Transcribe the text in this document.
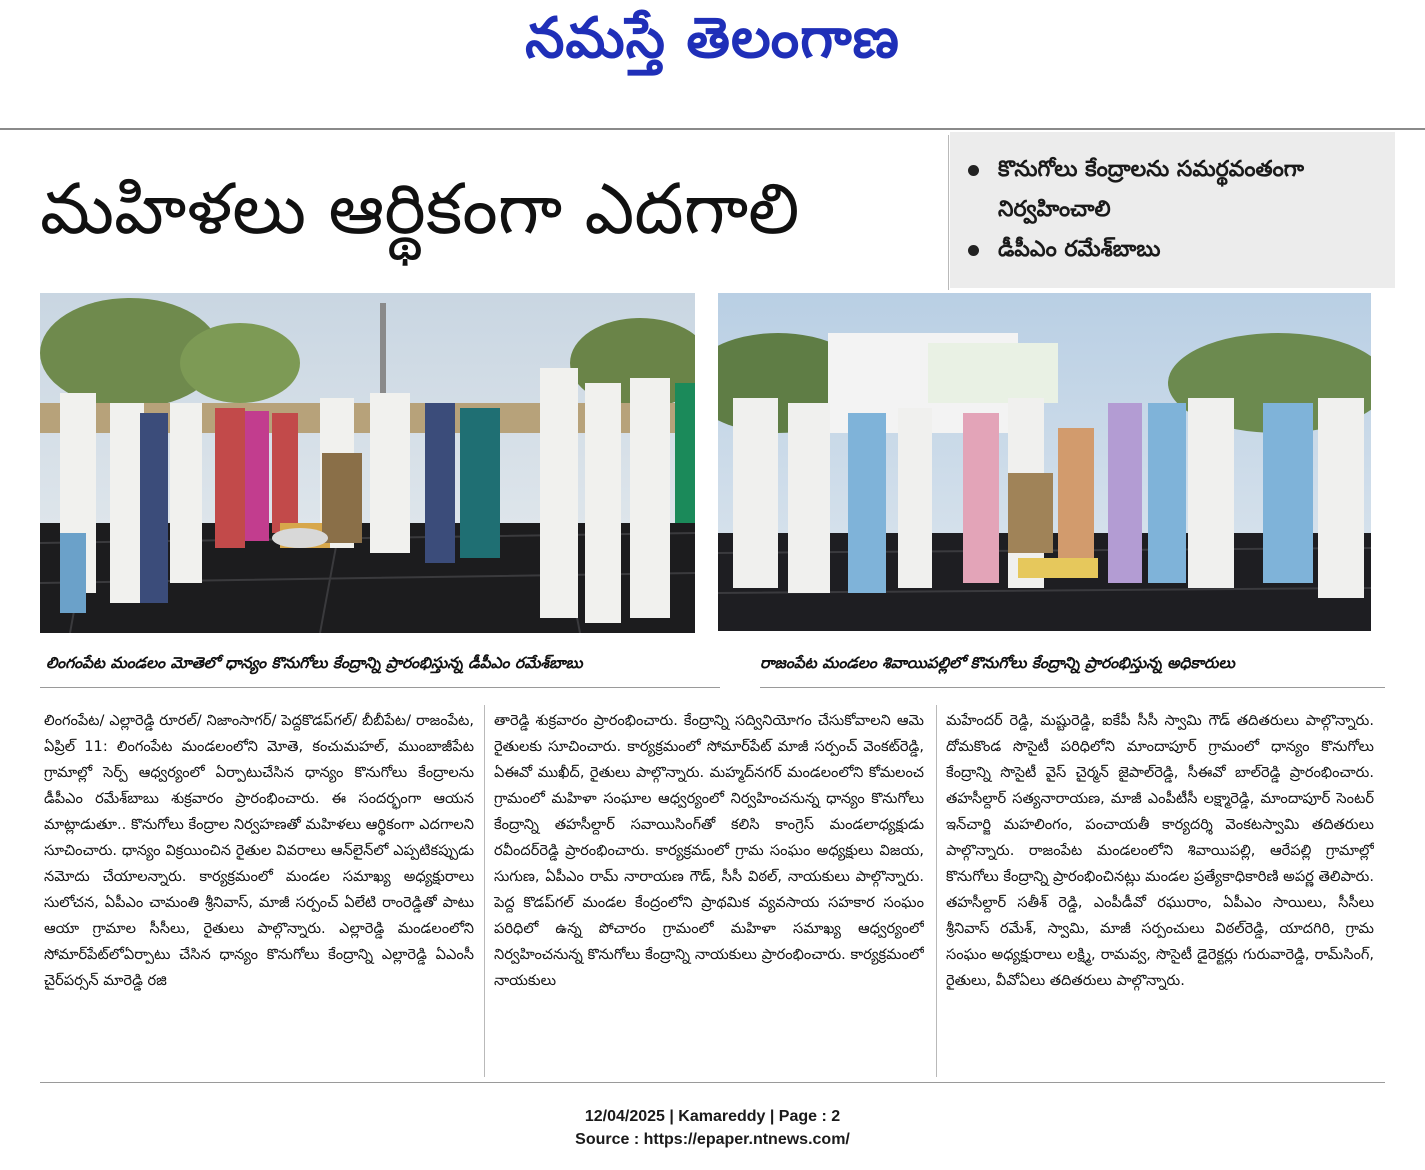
నమస్తే తెలంగాణ
మహిళలు ఆర్థికంగా ఎదగాలి	కొనుగోలు కేంద్రాలను సమర్థవంతంగా నిర్వహించాలి
డీపీఎం రమేశ్‌బాబు
లింగంపేట మండలం మోతెలో ధాన్యం కొనుగోలు కేంద్రాన్ని ప్రారంభిస్తున్న డీపీఎం రమేశ్‌బాబు	రాజంపేట మండలం శివాయిపల్లిలో కొనుగోలు కేంద్రాన్ని ప్రారంభిస్తున్న అధికారులు

లింగంపేట/ ఎల్లారెడ్డి రూరల్‌/ నిజాంసాగర్‌/ పెద్దకొడప్‌గల్‌/ బీబీపేట/ రాజంపేట, ఏప్రిల్‌ 11: లింగంపేట మండలంలోని మోతె, కంచుమహల్‌, ముంబాజీపేట గ్రామాల్లో సెర్ప్‌ ఆధ్వర్యంలో ఏర్పాటుచేసిన ధాన్యం కొనుగోలు కేంద్రాలను డీపీఎం రమేశ్‌బాబు శుక్రవారం ప్రారంభించారు. ఈ సందర్భంగా ఆయన మాట్లాడుతూ.. కొనుగోలు కేంద్రాల నిర్వహణతో మహిళలు ఆర్థికంగా ఎదగాలని సూచించారు. ధాన్యం విక్రయించిన రైతుల వివరాలు ఆన్‌లైన్‌లో ఎప్పటికప్పుడు నమోదు చేయాలన్నారు. కార్యక్రమంలో మండల సమాఖ్య అధ్యక్షురాలు సులోచన, ఏపీఎం చామంతి శ్రీనివాస్‌, మాజీ సర్పంచ్‌ ఏలేటి రాంరెడ్డితో పాటు ఆయా గ్రామాల సీసీలు, రైతులు పాల్గొన్నారు. ఎల్లారెడ్డి మండలంలోని సోమార్‌పేట్‌లోఏర్పాటు చేసిన ధాన్యం కొనుగోలు కేంద్రాన్ని ఎల్లారెడ్డి ఏఎంసీ చైర్‌పర్సన్‌ మారెడ్డి రజి

తారెడ్డి శుక్రవారం ప్రారంభించారు. కేంద్రాన్ని సద్వినియోగం చేసుకోవాలని ఆమె రైతులకు సూచించారు. కార్యక్రమంలో సోమార్‌పేట్‌ మాజీ సర్పంచ్‌ వెంకట్‌రెడ్డి, ఏఈవో ముఖీద్‌, రైతులు పాల్గొన్నారు. మహ్మద్‌నగర్‌ మండలంలోని కోమలంచ గ్రామంలో మహిళా సంఘాల ఆధ్వర్యంలో నిర్వహించనున్న ధాన్యం కొనుగోలు కేంద్రాన్ని తహసీల్దార్‌ సవాయిసింగ్‌తో కలిసి కాంగ్రెస్‌ మండలాధ్యక్షుడు రవీందర్‌రెడ్డి ప్రారంభించారు. కార్యక్రమంలో గ్రామ సంఘం అధ్యక్షులు విజయ, సుగుణ, ఏపీఎం రామ్‌ నారాయణ గౌడ్‌, సీసీ విఠల్‌, నాయకులు పాల్గొన్నారు. పెద్ద కొడప్‌గల్‌ మండల కేంద్రంలోని ప్రాథమిక వ్యవసాయ సహకార సంఘం పరిధిలో ఉన్న పోచారం గ్రామంలో మహిళా సమాఖ్య ఆధ్వర్యంలో నిర్వహించనున్న కొనుగోలు కేంద్రాన్ని నాయకులు ప్రారంభించారు. కార్యక్రమంలో నాయకులు

మహేందర్‌ రెడ్డి, మష్టురెడ్డి, ఐకేపీ సీసీ స్వామి గౌడ్‌ తదితరులు పాల్గొన్నారు. దోమకొండ సొసైటీ పరిధిలోని మాందాపూర్‌ గ్రామంలో ధాన్యం కొనుగోలు కేంద్రాన్ని సొసైటీ వైస్‌ చైర్మన్‌ జైపాల్‌రెడ్డి, సీఈవో బాల్‌రెడ్డి ప్రారంభించారు. తహసీల్దార్‌ సత్యనారాయణ, మాజీ ఎంపీటీసీ లక్ష్మారెడ్డి, మాందాపూర్‌ సెంటర్‌ ఇన్‌చార్జి మహలింగం, పంచాయతీ కార్యదర్శి వెంకటస్వామి తదితరులు పాల్గొన్నారు. రాజంపేట మండలంలోని శివాయిపల్లి, ఆరేపల్లి గ్రామాల్లో కొనుగోలు కేంద్రాన్ని ప్రారంభించినట్లు మండల ప్రత్యేకాధికారిణి అపర్ణ తెలిపారు. తహసీల్దార్‌ సతీశ్‌ రెడ్డి, ఎంపీడీవో రఘురాం, ఏపీఎం సాయిలు, సీసీలు శ్రీనివాస్‌ రమేశ్‌, స్వామి, మాజీ సర్పంచులు విఠల్‌రెడ్డి, యాదగిరి, గ్రామ సంఘం అధ్యక్షురాలు లక్ష్మి, రామవ్వ, సొసైటీ డైరెక్టర్లు గురువారెడ్డి, రామ్‌సింగ్‌, రైతులు, వీవోఏలు తదితరులు పాల్గొన్నారు.

12/04/2025 | Kamareddy | Page : 2
Source : https://epaper.ntnews.com/
